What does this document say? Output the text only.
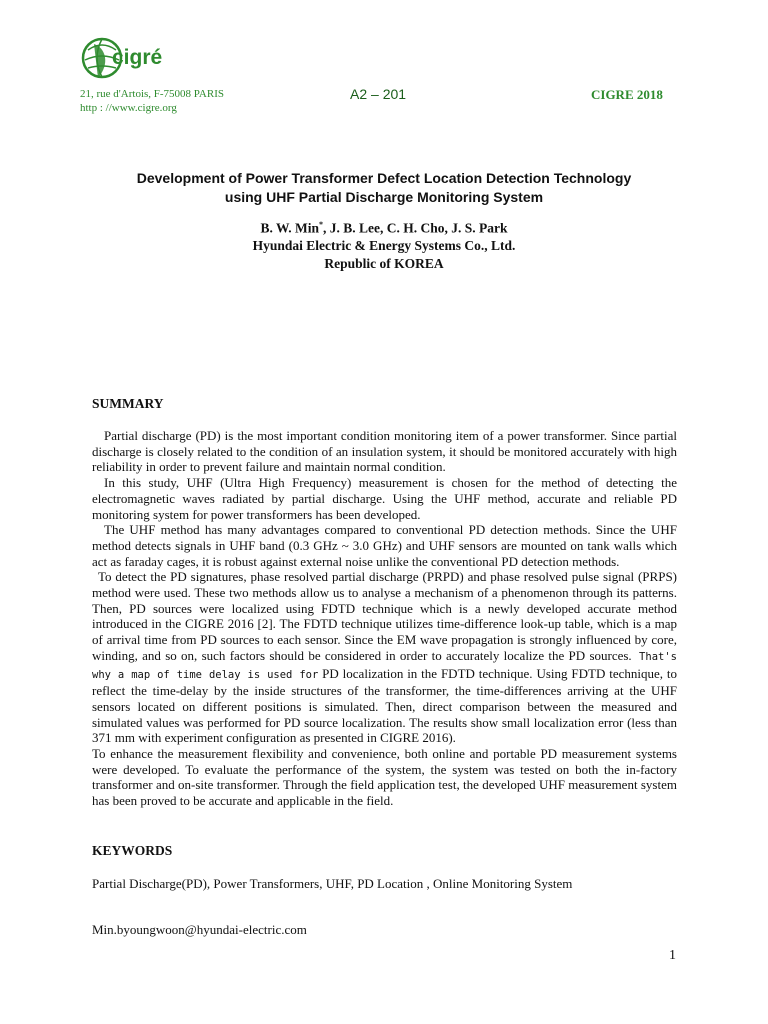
cigré
21, rue d'Artois, F-75008 PARIS
http : //www.cigre.org
A2 – 201	CIGRE 2018
Development of Power Transformer Defect Location Detection Technology
using UHF Partial Discharge Monitoring System
B. W. Min*, J. B. Lee, C. H. Cho, J. S. Park
Hyundai Electric & Energy Systems Co., Ltd.
Republic of KOREA
SUMMARY

Partial discharge (PD) is the most important condition monitoring item of a power transformer. Since partial discharge is closely related to the condition of an insulation system, it should be monitored accurately with high reliability in order to prevent failure and maintain normal condition.

In this study, UHF (Ultra High Frequency) measurement is chosen for the method of detecting the electromagnetic waves radiated by partial discharge. Using the UHF method, accurate and reliable PD monitoring system for power transformers has been developed.

The UHF method has many advantages compared to conventional PD detection methods. Since the UHF method detects signals in UHF band (0.3 GHz ~ 3.0 GHz) and UHF sensors are mounted on tank walls which act as faraday cages, it is robust against external noise unlike the conventional PD detection methods.

To detect the PD signatures, phase resolved partial discharge (PRPD) and phase resolved pulse signal (PRPS) method were used. These two methods allow us to analyse a mechanism of a phenomenon through its patterns. Then, PD sources were localized using FDTD technique which is a newly developed accurate method introduced in the CIGRE 2016 [2]. The FDTD technique utilizes time-difference look-up table, which is a map of arrival time from PD sources to each sensor. Since the EM wave propagation is strongly influenced by core, winding, and so on, such factors should be considered in order to accurately localize the PD sources. That's why a map of time delay is used for PD localization in the FDTD technique. Using FDTD technique, to reflect the time-delay by the inside structures of the transformer, the time-differences arriving at the UHF sensors located on different positions is simulated. Then, direct comparison between the measured and simulated values was performed for PD source localization. The results show small localization error (less than 371 mm with experiment configuration as presented in CIGRE 2016).

To enhance the measurement flexibility and convenience, both online and portable PD measurement systems were developed. To evaluate the performance of the system, the system was tested on both the in-factory transformer and on-site transformer. Through the field application test, the developed UHF measurement system has been proved to be accurate and applicable in the field.

KEYWORDS
Partial Discharge(PD), Power Transformers, UHF, PD Location , Online Monitoring System
Min.byoungwoon@hyundai-electric.com
1
